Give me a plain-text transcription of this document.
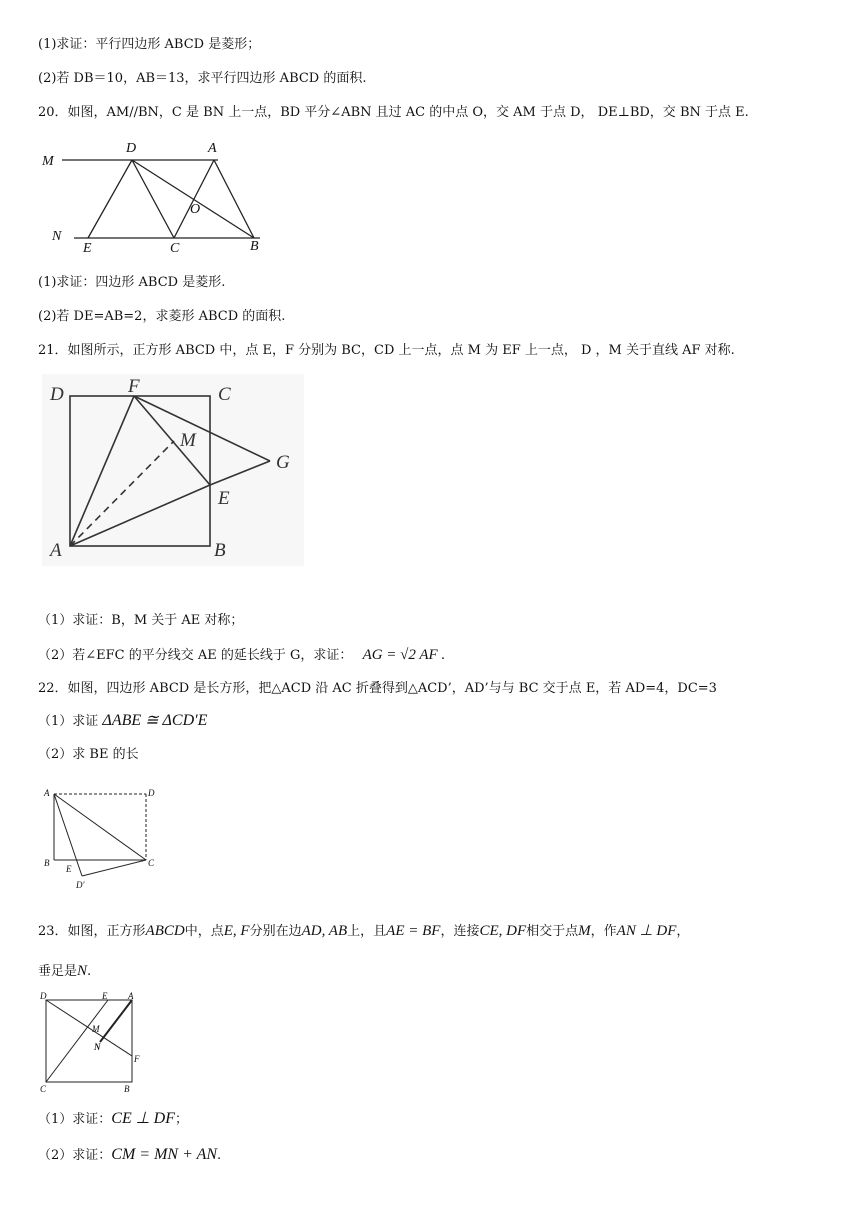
(1)求证：平行四边形 ABCD 是菱形；
(2)若 DB＝10，AB＝13，求平行四边形 ABCD 的面积.
20．如图，AM//BN，C 是 BN 上一点，BD 平分∠ABN 且过 AC 的中点 O，交 AM 于点 D， DE⊥BD，交 BN 于点 E.
M
D	A
O
N
E	C	B
(1)求证：四边形 ABCD 是菱形.
(2)若 DE=AB=2，求菱形 ABCD 的面积.
21．如图所示，正方形 ABCD 中，点 E，F 分别为 BC，CD 上一点，点 M 为 EF 上一点， D ，M 关于直线 AF 对称.
D	F	C
M
G
E
A	B
（1）求证：B，M 关于 AE 对称；
（2）若∠EFC 的平分线交 AE 的延长线于 G，求证： AG = √2 AF .
22．如图，四边形 ABCD 是长方形，把△ACD 沿 AC 折叠得到△ACD’，AD’与与 BC 交于点 E，若 AD=4，DC=3
（1）求证 ΔABE ≅ ΔCD′E
（2）求 BE 的长
A	D
B
E
C
D'
23．如图，正方形ABCD中，点E, F分别在边AD, AB上，且AE = BF，连接CE, DF相交于点M，作AN ⊥ DF，
垂足是N.
D	E A
M
N
F
C	B
（1）求证：CE ⊥ DF；
（2）求证：CM = MN + AN.
